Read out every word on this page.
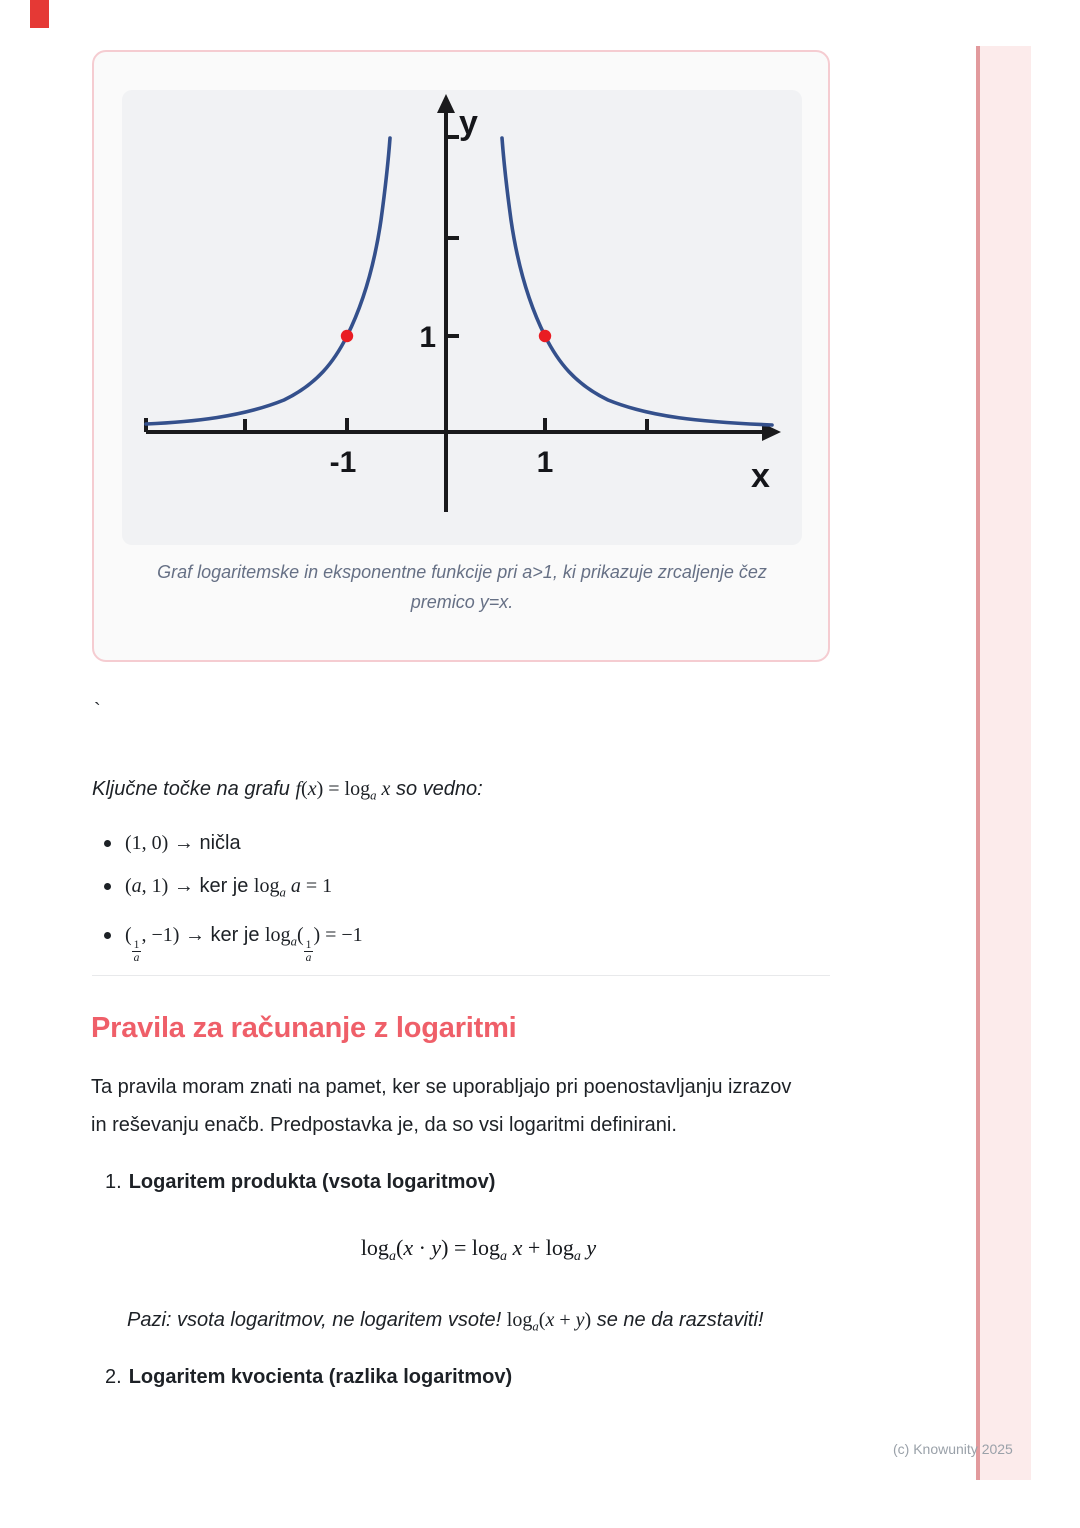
y
x
-1	1
1
Graf logaritemske in eksponentne funkcije pri a>1, ki prikazuje zrcaljenje čez
premico y=x.
(c) Knowunity 2025
`
Ključne točke na grafu $f(x) = \log_a x$ so vedno:
(1, 0) → ničla
(a, 1) → ker je $\log_a a = 1$
(
$\frac{1}{a}$
, −1) → ker je $\log_a$(
$\frac{1}{a}$
) = −1
Pravila za računanje z logaritmi
Ta pravila moram znati na pamet, ker se uporabljajo pri poenostavljanju izrazov
in reševanju enačb. Predpostavka je, da so vsi logaritmi definirani.
1. Logaritem produkta (vsota logaritmov)
$\log_a(x \cdot y) = \log_a x + \log_a y$
Pazi: vsota logaritmov, ne logaritem vsote! $\log_a(x + y)$ se ne da razstaviti!
2. Logaritem kvocienta (razlika logaritmov)
